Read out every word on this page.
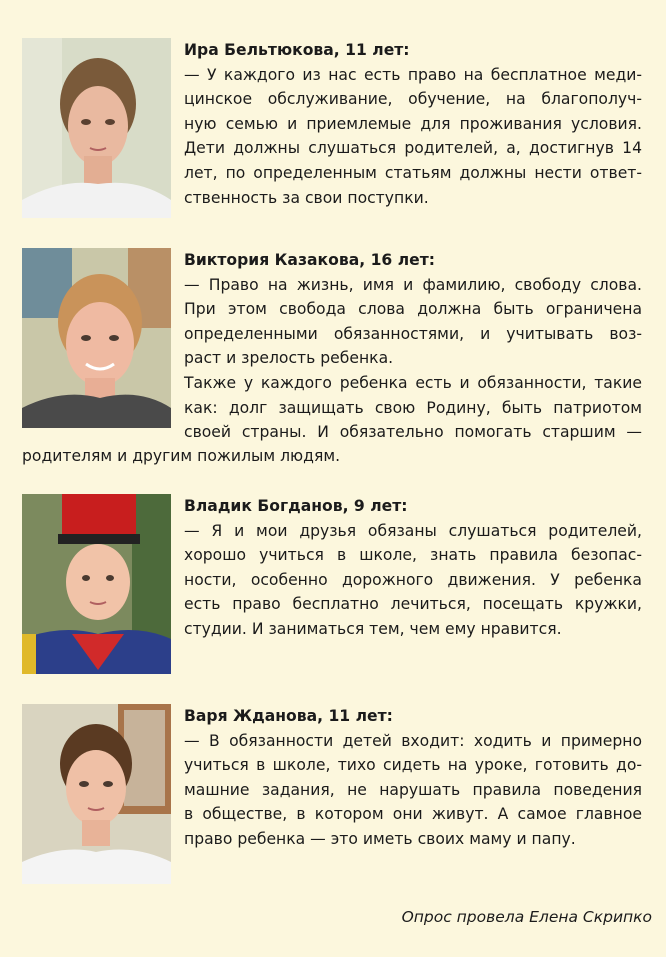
Ира Бельтюкова, 11 лет:
— У каждого из нас есть право на бесплатное меди-
цинское обслуживание, обучение, на благополуч-
ную семью и приемлемые для проживания условия.
Дети должны слушаться родителей, а, достигнув 14
лет, по определенным статьям должны нести ответ-
ственность за свои поступки.
Виктория Казакова, 16 лет:
— Право на жизнь, имя и фамилию, свободу слова.
При этом свобода слова должна быть ограничена
определенными обязанностями, и учитывать воз-
раст и зрелость ребенка.
Также у каждого ребенка есть и обязанности, такие
как: долг защищать свою Родину, быть патриотом
своей страны. И обязательно помогать старшим —
родителям и другим пожилым людям.
Владик Богданов, 9 лет:
— Я и мои друзья обязаны слушаться родителей,
хорошо учиться в школе, знать правила безопас-
ности, особенно дорожного движения. У ребенка
есть право бесплатно лечиться, посещать кружки,
студии. И заниматься тем, чем ему нравится.
Варя Жданова, 11 лет:
— В обязанности детей входит: ходить и примерно
учиться в школе, тихо сидеть на уроке, готовить до-
машние задания, не нарушать правила поведения
в обществе, в котором они живут. А самое главное
право ребенка — это иметь своих маму и папу.
Опрос провела Елена Скрипко
